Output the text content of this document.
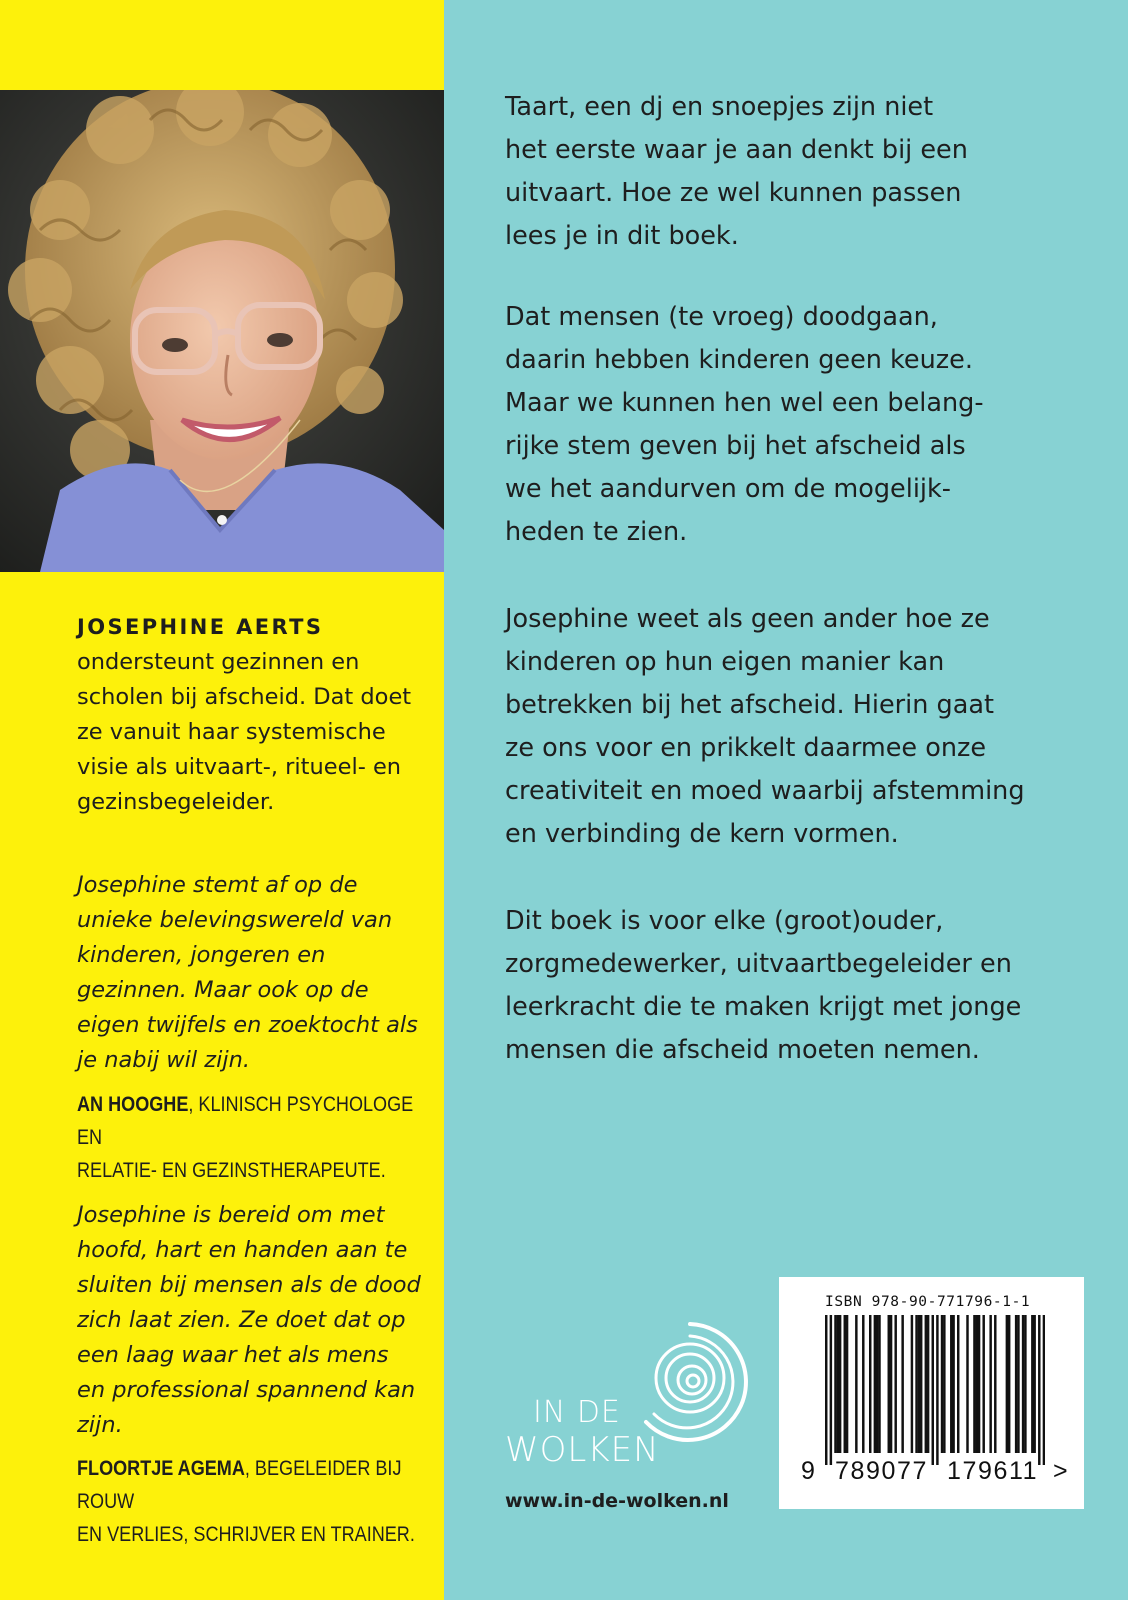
JOSEPHINE AERTS
ondersteunt gezinnen en scholen bij afscheid. Dat doet ze vanuit haar systemische visie als uitvaart-, ritueel- en gezinsbegeleider.
Josephine stemt af op de unieke belevingswereld van kinderen, jongeren en gezinnen. Maar ook op de eigen twijfels en zoektocht als je nabij wil zijn.
AN HOOGHE, KLINISCH PSYCHOLOGE EN
RELATIE- EN GEZINSTHERAPEUTE.
Josephine is bereid om met hoofd, hart en handen aan te sluiten bij mensen als de dood zich laat zien. Ze doet dat op een laag waar het als mens en professional spannend kan zijn.
FLOORTJE AGEMA, BEGELEIDER BIJ ROUW
EN VERLIES, SCHRIJVER EN TRAINER.
Taart, een dj en snoepjes zijn niet
het eerste waar je aan denkt bij een
uitvaart. Hoe ze wel kunnen passen
lees je in dit boek.
Dat mensen (te vroeg) doodgaan,
daarin hebben kinderen geen keuze.
Maar we kunnen hen wel een belang-
rijke stem geven bij het afscheid als
we het aandurven om de mogelijk-
heden te zien.
Josephine weet als geen ander hoe ze
kinderen op hun eigen manier kan
betrekken bij het afscheid. Hierin gaat
ze ons voor en prikkelt daarmee onze
creativiteit en moed waarbij afstemming
en verbinding de kern vormen.
Dit boek is voor elke (groot)ouder,
zorgmedewerker, uitvaartbegeleider en
leerkracht die te maken krijgt met jonge
mensen die afscheid moeten nemen.
IN DE
WOLKEN
www.in-de-wolken.nl
ISBN 978-90-771796-1-1
9 789077 179611 >
